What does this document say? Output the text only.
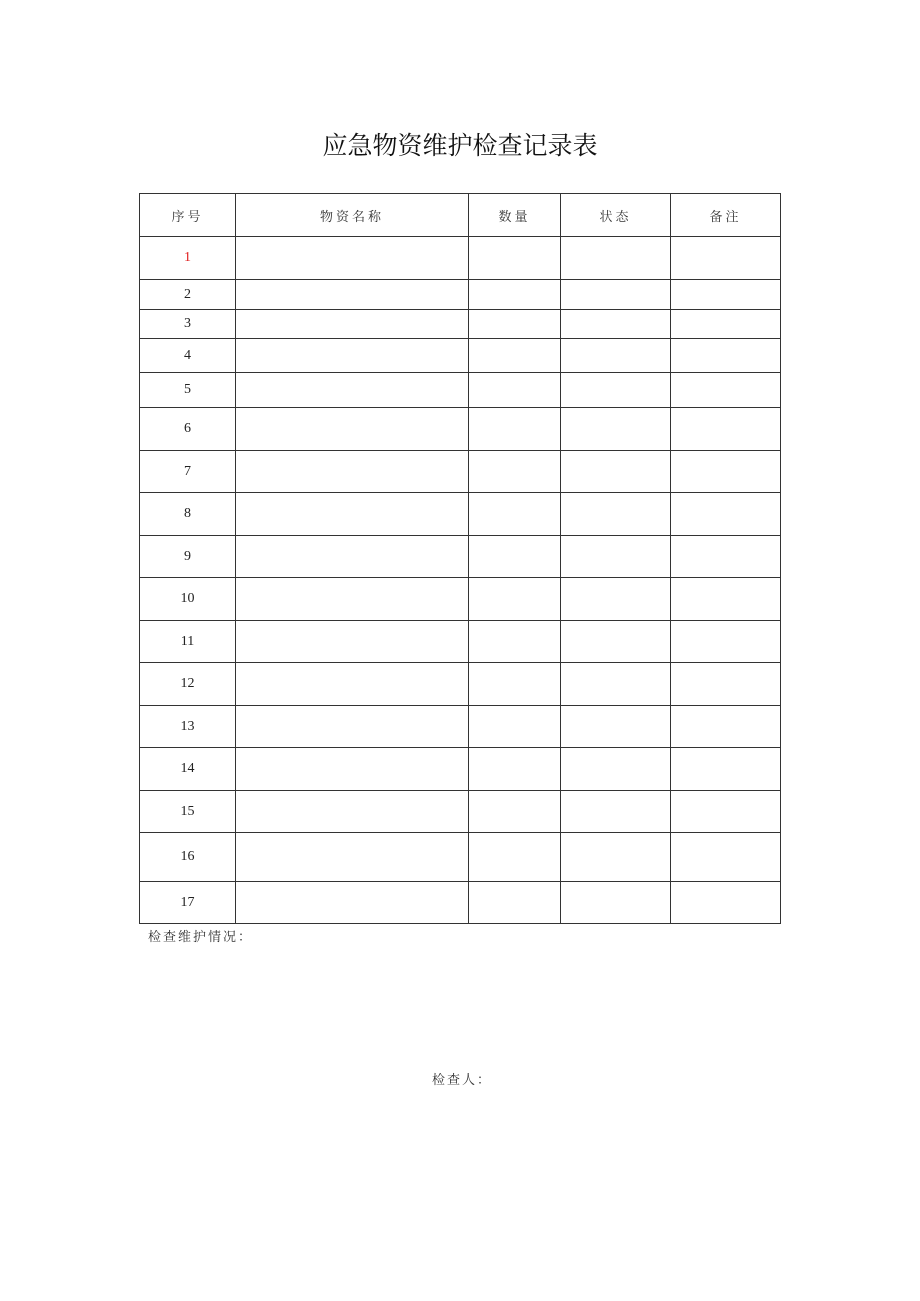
应急物资维护检查记录表
序号	物资名称	数量	状态	备注
1				
2				
3				
4				
5				
6				
7				
8				
9				
10				
11				
12				
13				
14				
15				
16				
17				
检查维护情况：
检查人：
